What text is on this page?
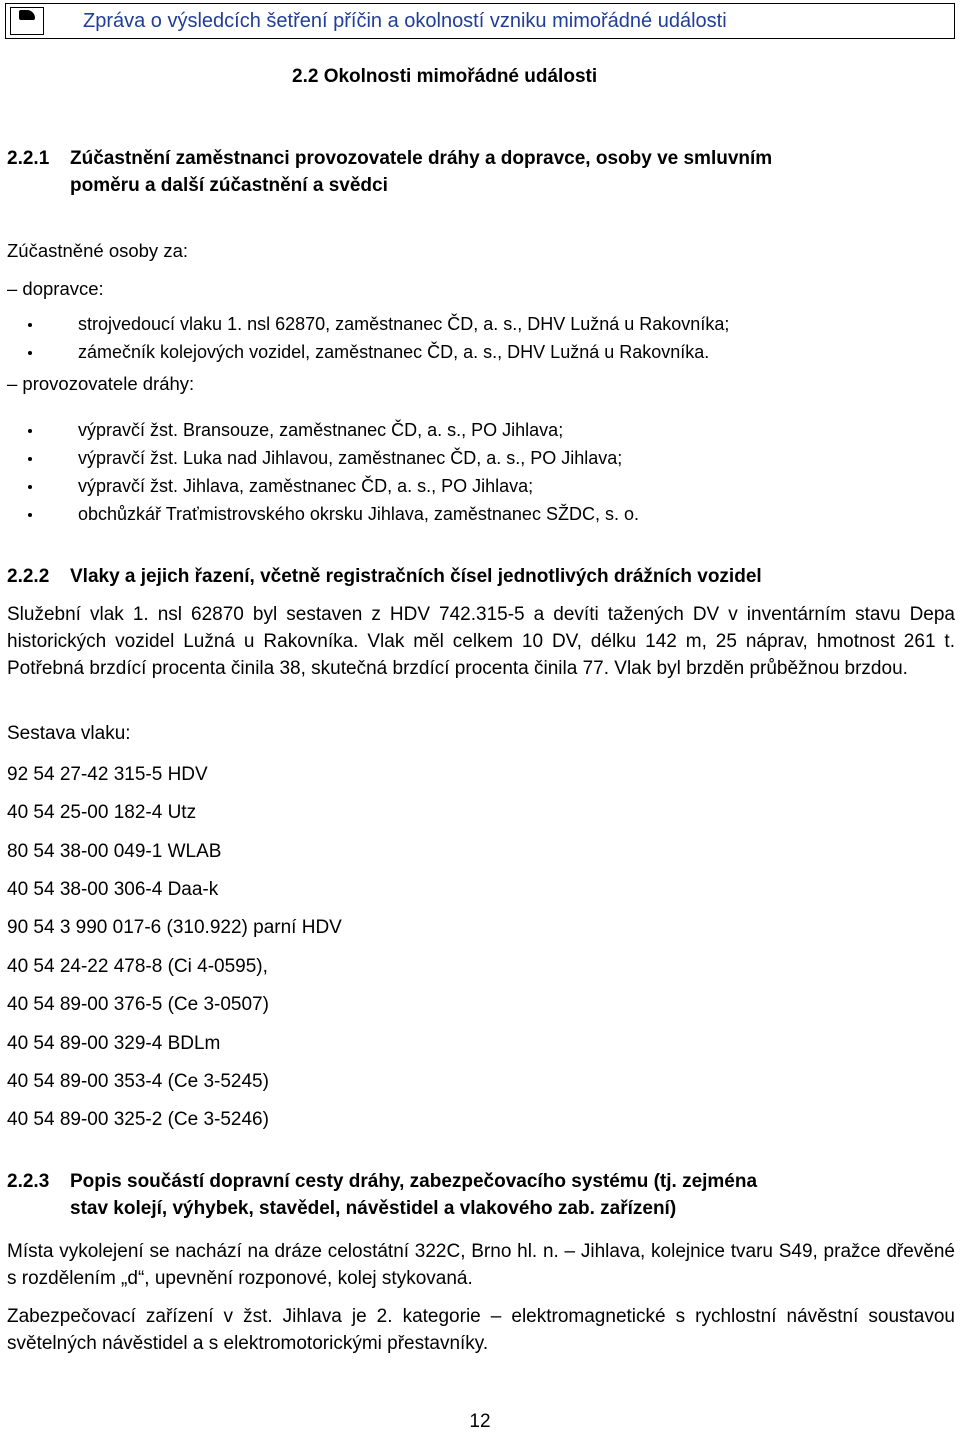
Zpráva o výsledcích šetření příčin a okolností vzniku mimořádné události
2.2 Okolnosti mimořádné události
2.2.1 Zúčastnění zaměstnanci provozovatele dráhy a dopravce, osoby ve smluvním
poměru a další zúčastnění a svědci
Zúčastněné osoby za:
– dopravce:
strojvedoucí vlaku 1. nsl 62870, zaměstnanec ČD, a. s., DHV Lužná u Rakovníka;
zámečník kolejových vozidel, zaměstnanec ČD, a. s., DHV Lužná u Rakovníka.
– provozovatele dráhy:
výpravčí žst. Bransouze, zaměstnanec ČD, a. s., PO Jihlava;
výpravčí žst. Luka nad Jihlavou, zaměstnanec ČD, a. s., PO Jihlava;
výpravčí žst. Jihlava, zaměstnanec ČD, a. s., PO Jihlava;
obchůzkář Traťmistrovského okrsku Jihlava, zaměstnanec SŽDC, s. o.
2.2.2 Vlaky a jejich řazení, včetně registračních čísel jednotlivých drážních vozidel
Služební vlak 1. nsl 62870 byl sestaven z HDV 742.315-5 a devíti tažených DV v inventárním stavu Depa historických vozidel Lužná u Rakovníka. Vlak měl celkem 10 DV, délku 142 m, 25 náprav, hmotnost 261 t. Potřebná brzdící procenta činila 38, skutečná brzdící procenta činila 77. Vlak byl brzděn průběžnou brzdou.
Sestava vlaku:
92 54 27-42 315-5 HDV
40 54 25-00 182-4 Utz
80 54 38-00 049-1 WLAB
40 54 38-00 306-4 Daa-k
90 54 3 990 017-6 (310.922) parní HDV
40 54 24-22 478-8 (Ci 4-0595),
40 54 89-00 376-5 (Ce 3-0507)
40 54 89-00 329-4 BDLm
40 54 89-00 353-4 (Ce 3-5245)
40 54 89-00 325-2 (Ce 3-5246)
2.2.3 Popis součástí dopravní cesty dráhy, zabezpečovacího systému (tj. zejména
stav kolejí, výhybek, stavědel, návěstidel a vlakového zab. zařízení)
Místa vykolejení se nachází na dráze celostátní 322C, Brno hl. n. – Jihlava, kolejnice tvaru S49, pražce dřevěné s rozdělením „d“, upevnění rozponové, kolej stykovaná.
Zabezpečovací zařízení v žst. Jihlava je 2. kategorie – elektromagnetické s rychlostní návěstní soustavou světelných návěstidel a s elektromotorickými přestavníky.
12
